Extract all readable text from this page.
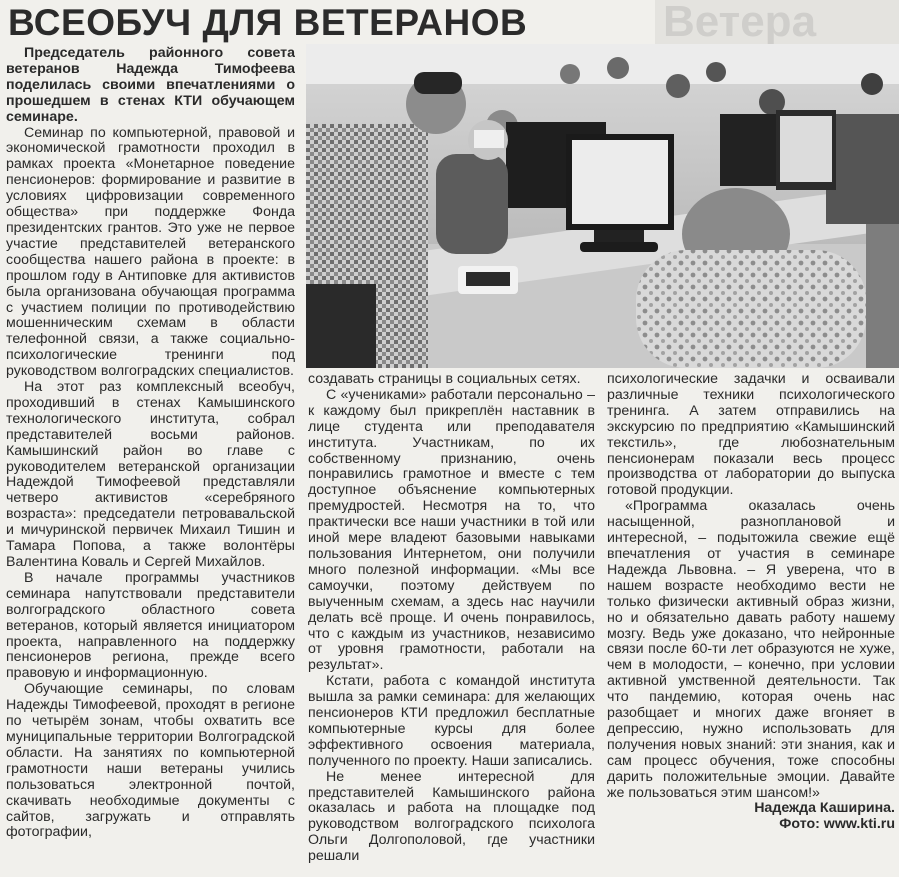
ВСЕОБУЧ ДЛЯ ВЕТЕРАНОВ	Ветера

Председатель районного совета ветеранов Надежда Тимофеева поделилась своими впечатлениями о прошедшем в стенах КТИ обучающем семинаре.

Семинар по компьютерной, правовой и экономической грамотности проходил в рамках проекта «Монетарное поведение пенсионеров: формирование и развитие в условиях цифровизации современного общества» при поддержке Фонда президентских грантов. Это уже не первое участие представителей ветеранского сообщества нашего района в проекте: в прошлом году в Антиповке для активистов была организована обучающая программа с участием полиции по противодействию мошенническим схемам в области телефонной связи, а также социально-психологические тренинги под руководством волгоградских специалистов.

На этот раз комплексный всеобуч, проходивший в стенах Камышинского технологического института, собрал представителей восьми районов. Камышинский район во главе с руководителем ветеранской организации Надеждой Тимофеевой представляли четверо активистов «серебряного возраста»: председатели петровавальской и мичуринской первичек Михаил Тишин и Тамара Попова, а также волонтёры Валентина Коваль и Сергей Михайлов.

В начале программы участников семинара напутствовали представители волгоградского областного совета ветеранов, который является инициатором проекта, направленного на поддержку пенсионеров региона, прежде всего правовую и информационную.

Обучающие семинары, по словам Надежды Тимофеевой, проходят в регионе по четырём зонам, чтобы охватить все муниципальные территории Волгоградской области. На занятиях по компьютерной грамотности наши ветераны учились пользоваться электронной почтой, скачивать необходимые документы с сайтов, загружать и отправлять фотографии,

создавать страницы в социальных сетях.

С «учениками» работали персонально – к каждому был прикреплён наставник в лице студента или преподавателя института. Участникам, по их собственному признанию, очень понравились грамотное и вместе с тем доступное объяснение компьютерных премудростей. Несмотря на то, что практически все наши участники в той или иной мере владеют базовыми навыками пользования Интернетом, они получили много полезной информации. «Мы все самоучки, поэтому действуем по выученным схемам, а здесь нас научили делать всё проще. И очень понравилось, что с каждым из участников, независимо от уровня грамотности, работали на результат».

Кстати, работа с командой института вышла за рамки семинара: для желающих пенсионеров КТИ предложил бесплатные компьютерные курсы для более эффективного освоения материала, полученного по проекту. Наши записались.

Не менее интересной для представителей Камышинского района оказалась и работа на площадке под руководством волгоградского психолога Ольги Долгополовой, где участники решали

психологические задачки и осваивали различные техники психологического тренинга. А затем отправились на экскурсию по предприятию «Камышинский текстиль», где любознательным пенсионерам показали весь процесс производства от лаборатории до выпуска готовой продукции.

«Программа оказалась очень насыщенной, разноплановой и интересной, – подытожила свежие ещё впечатления от участия в семинаре Надежда Львовна. – Я уверена, что в нашем возрасте необходимо вести не только физически активный образ жизни, но и обязательно давать работу нашему мозгу. Ведь уже доказано, что нейронные связи после 60-ти лет образуются не хуже, чем в молодости, – конечно, при условии активной умственной деятельности. Так что пандемию, которая очень нас разобщает и многих даже вгоняет в депрессию, нужно использовать для получения новых знаний: эти знания, как и сам процесс обучения, тоже способны дарить положительные эмоции. Давайте же пользоваться этим шансом!»

Надежда Каширина.

Фото: www.kti.ru
